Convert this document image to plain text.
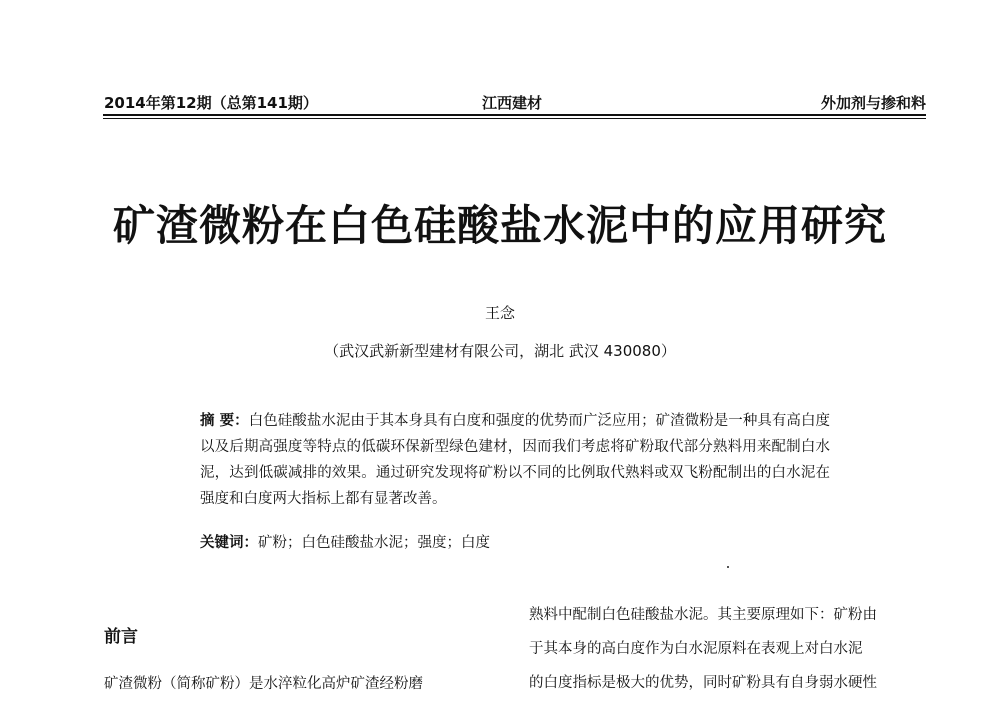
2014年第12期（总第141期）	江西建材	外加剂与掺和料
矿渣微粉在白色硅酸盐水泥中的应用研究
王念
（武汉武新新型建材有限公司，湖北 武汉 430080）
摘 要：白色硅酸盐水泥由于其本身具有白度和强度的优势而广泛应用；矿渣微粉是一种具有高白度以及后期高强度等特点的低碳环保新型绿色建材，因而我们考虑将矿粉取代部分熟料用来配制白水泥，达到低碳减排的效果。通过研究发现将矿粉以不同的比例取代熟料或双飞粉配制出的白水泥在强度和白度两大指标上都有显著改善。
关键词：矿粉；白色硅酸盐水泥；强度；白度
前言
矿渣微粉（简称矿粉）是水淬粒化高炉矿渣经粉磨
熟料中配制白色硅酸盐水泥。其主要原理如下：矿粉由
于其本身的高白度作为白水泥原料在表观上对白水泥
的白度指标是极大的优势，同时矿粉具有自身弱水硬性
